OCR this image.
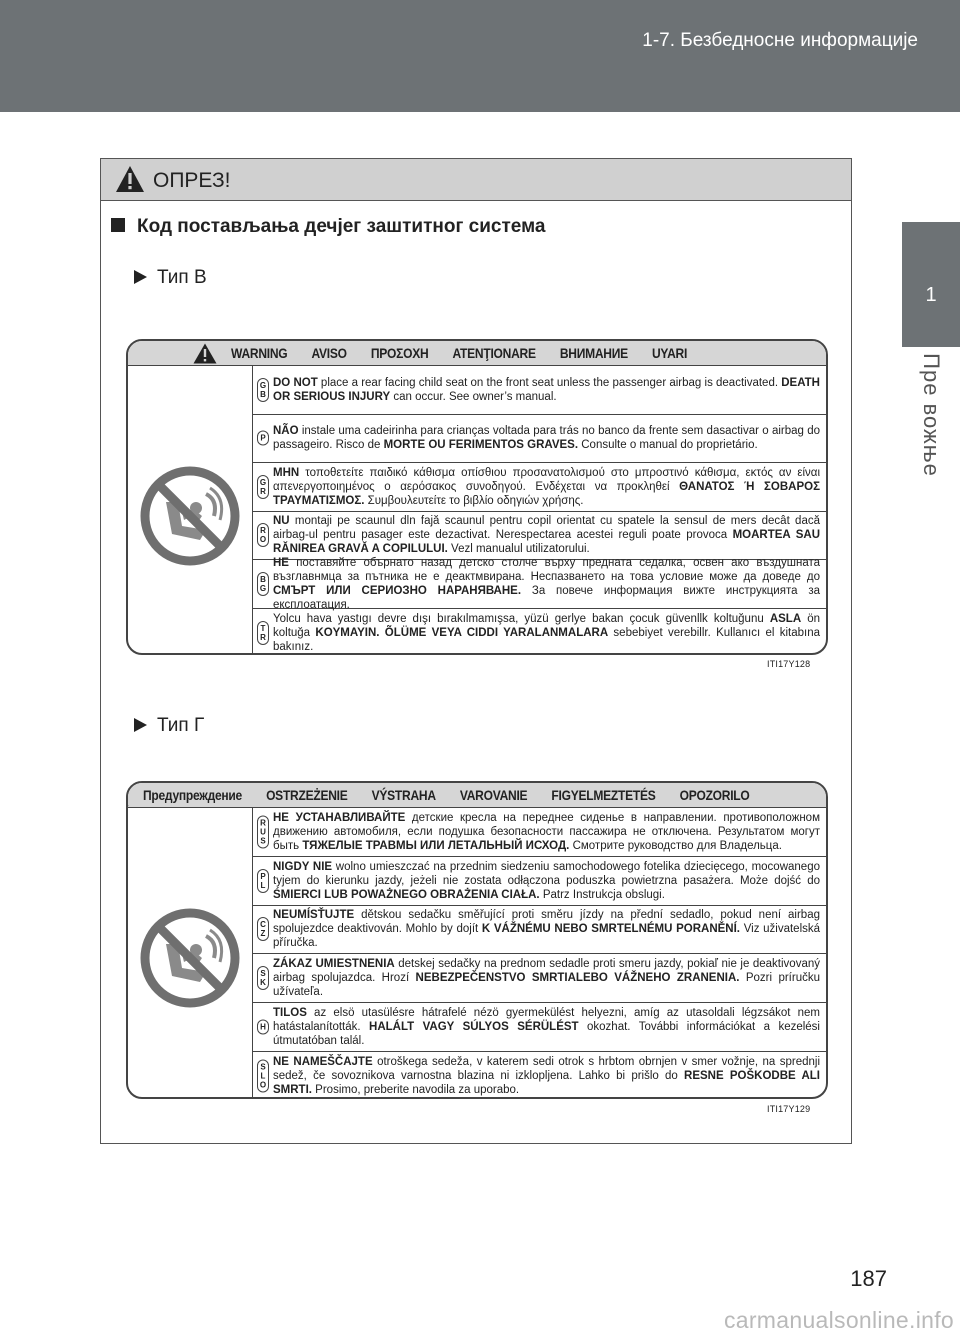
1-7. Безбедносне информације
1
Пре вожње
ОПРЕЗ!
Код постављања дечјег заштитног система
Тип В
WARNING AVISO ΠΡΟΣΟΧΗ ATENŢIONARE ВНИМАНИЕ UYARI
G
B
DO NOT place a rear facing child seat on the front seat unless the passenger airbag is deactivated. DEATH OR SERIOUS INJURY can occur. See owner’s manual.
P
NÃO instale uma cadeirinha para crianças voltada para trás no banco da frente sem dasactivar o airbag do passageiro. Risco de MORTE OU FERIMENTOS GRAVES. Consulte o manual do proprietário.
G
R
ΜΗΝ τοποθετείτε παιδικό κάθισμα οπίσθιου προσανατολισμού στο μπροστινό κάθισμα, εκτός αν είναι απενεργοποιημένος ο αερόσακος συνοδηγού. Ενδέχεται να προκληθεί ΘΑΝΑΤΟΣ Ή ΣΟΒΑΡΟΣ ΤΡΑΥΜΑΤΙΣΜΟΣ. Συμβουλευτείτε το βιβλίο οδηγιών χρήσης.
R
O
NU montaji pe scaunul dln fajă scaunul pentru copil orientat cu spatele la sensul de mers decât dacă airbag-ul pentru pasager este dezactivat. Nerespectarea acestei reguli poate provoca MOARTEA SAU RĂNIREA GRAVĂ A COPILULUI. Vezl manualul utilizatorului.
B
G
НЕ поставяйте обърнато назад детско столче върху предната седалка, освен ако въздушната възглавнмца за пътника не е деактмвирана. Неспазването на това условие може да доведе до СМЪРТ ИЛИ СЕРИОЗНО НАРАНЯВАНЕ. За повече информация вижте инструкцията за експлоатация.
T
R
Yolcu hava yastıgı devre dışı bırakılmamışsa, yüzü gerlye bakan çocuk güvenllk koltuğunu ASLA ön koltuğa KOYMAYIN. ÕLÜME VEYA CIDDI YARALANMALARA sebebiyet verebillr. Kullanıcı el kitabına bakınız.
ITI17Y128
Тип Г
Предупреждение OSTRZEŻENIE VÝSTRAHA VAROVANIE FIGYELMEZTETÉS OPOZORILO
R
U
S
НЕ УСТАНАВЛИВАЙТЕ детские кресла на переднее сиденье в направлении. противоположном движению автомобиля, если подушка безопасности пассажира не отключена. Результатом могут быть ТЯЖЕЛЫЕ ТРАВМЫ ИЛИ ЛЕТАЛЬНЫЙ ИСХОД. Смотрите руководство для Владельца.
P
L
NIGDY NIE wolno umieszczać na przednim siedzeniu samochodowego fotelika dziecięcego, mocowanego tyjem do kierunku jazdy, jeżeli nie zostata odłączona poduszka powietrzna pasażera. Może dojść do ŚMIERCI LUB POWAŻNEGO OBRAŻENIA CIAŁA. Patrz Instrukcja obslugi.
C
Z
NEUMÍSŤUJTE dětskou sedačku směřující proti směru jízdy na přední sedadlo, pokud není airbag spolujezdce deaktivován. Mohlo by dojít K VÁŽNÉMU NEBO SMRTELNÉMU PORANĚNÍ. Viz uživatelská příručka.
S
K
ZÁKAZ UMIESTNENIA detskej sedačky na prednom sedadle proti smeru jazdy, pokiaľ nie je deaktivovaný airbag spolujazdca. Hrozí NEBEZPEČENSTVO SMRTIALEBO VÁŽNEHO ZRANENIA. Pozri príručku užívateľa.
H
TILOS az elsö utasülésre hátrafelé nézö gyermekülést helyezni, amíg az utasoldali légzsákot nem hatástalanították. HALÁLT VAGY SÚLYOS SÉRÜLÉST okozhat. További információkat a kezelési útmutatóban talál.
S
L
O
NE NAMEŠČAJTE otroškega sedeža, v katerem sedi otrok s hrbtom obrnjen v smer vožnje, na sprednji sedež, če sovoznikova varnostna blazina ni izklopljena. Lahko bi prišlo do RESNE POŠKODBE ALI SMRTI. Prosimo, preberite navodila za uporabo.
ITI17Y129
187
carmanualsonline.info
